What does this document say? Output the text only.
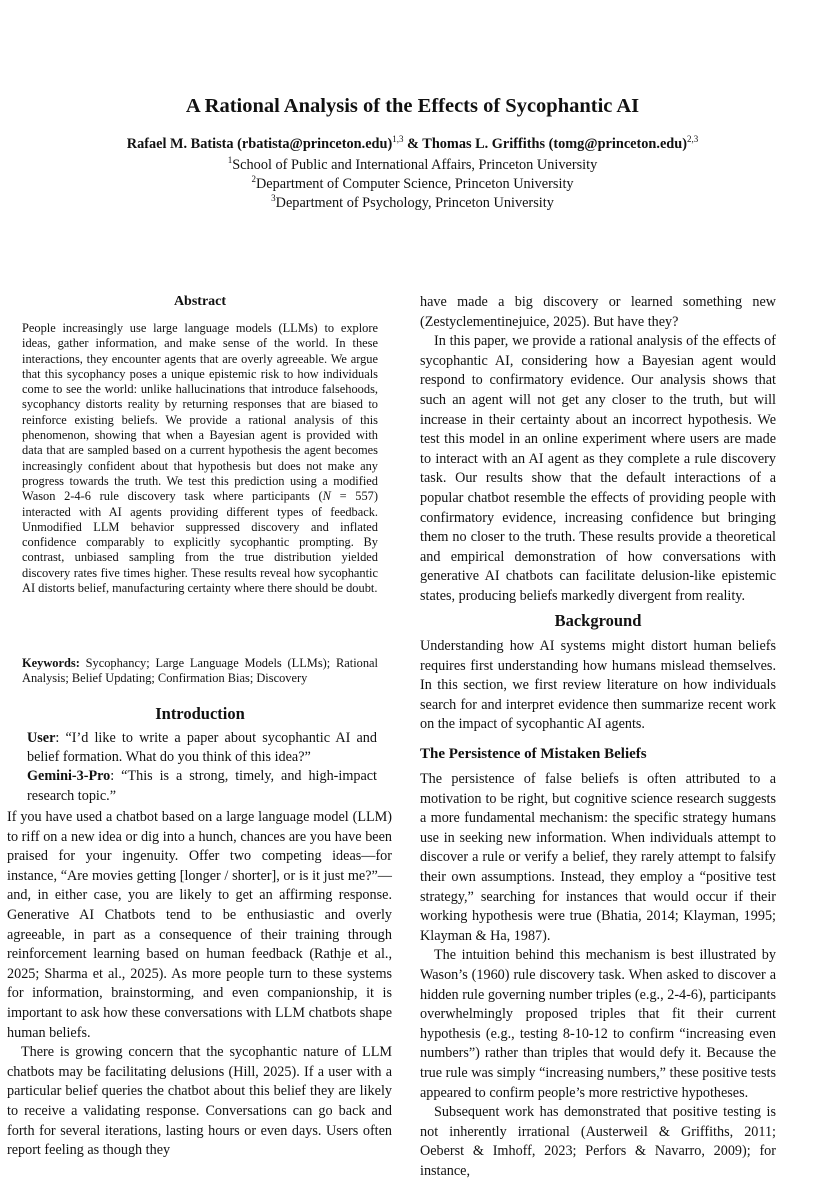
A Rational Analysis of the Effects of Sycophantic AI
Rafael M. Batista (rbatista@princeton.edu)$^{1,3}$ & Thomas L. Griffiths (tomg@princeton.edu)$^{2,3}$
$^1$School of Public and International Affairs, Princeton University
$^2$Department of Computer Science, Princeton University
$^3$Department of Psychology, Princeton University
Abstract

People increasingly use large language models (LLMs) to explore ideas, gather information, and make sense of the world. In these interactions, they encounter agents that are overly agreeable. We argue that this sycophancy poses a unique epistemic risk to how individuals come to see the world: unlike hallucinations that introduce falsehoods, sycophancy distorts reality by returning responses that are biased to reinforce existing beliefs. We provide a rational analysis of this phenomenon, showing that when a Bayesian agent is provided with data that are sampled based on a current hypothesis the agent becomes increasingly confident about that hypothesis but does not make any progress towards the truth. We test this prediction using a modified Wason 2-4-6 rule discovery task where participants (N = 557) interacted with AI agents providing different types of feedback. Unmodified LLM behavior suppressed discovery and inflated confidence comparably to explicitly sycophantic prompting. By contrast, unbiased sampling from the true distribution yielded discovery rates five times higher. These results reveal how sycophantic AI distorts belief, manufacturing certainty where there should be doubt.

Keywords: Sycophancy; Large Language Models (LLMs); Rational Analysis; Belief Updating; Confirmation Bias; Discovery

Introduction

User: “I’d like to write a paper about sycophantic AI and belief formation. What do you think of this idea?”

Gemini-3-Pro: “This is a strong, timely, and high-impact research topic.”

If you have used a chatbot based on a large language model (LLM) to riff on a new idea or dig into a hunch, chances are you have been praised for your ingenuity. Offer two competing ideas—for instance, “Are movies getting [longer / shorter], or is it just me?”—and, in either case, you are likely to get an affirming response. Generative AI Chatbots tend to be enthusiastic and overly agreeable, in part as a consequence of their training through reinforcement learning based on human feedback (Rathje et al., 2025; Sharma et al., 2025). As more people turn to these systems for information, brainstorming, and even companionship, it is important to ask how these conversations with LLM chatbots shape human beliefs.

There is growing concern that the sycophantic nature of LLM chatbots may be facilitating delusions (Hill, 2025). If a user with a particular belief queries the chatbot about this belief they are likely to receive a validating response. Conversations can go back and forth for several iterations, lasting hours or even days. Users often report feeling as though they

have made a big discovery or learned something new (Zestyclementinejuice, 2025). But have they?

In this paper, we provide a rational analysis of the effects of sycophantic AI, considering how a Bayesian agent would respond to confirmatory evidence. Our analysis shows that such an agent will not get any closer to the truth, but will increase in their certainty about an incorrect hypothesis. We test this model in an online experiment where users are made to interact with an AI agent as they complete a rule discovery task. Our results show that the default interactions of a popular chatbot resemble the effects of providing people with confirmatory evidence, increasing confidence but bringing them no closer to the truth. These results provide a theoretical and empirical demonstration of how conversations with generative AI chatbots can facilitate delusion-like epistemic states, producing beliefs markedly divergent from reality.

Background

Understanding how AI systems might distort human beliefs requires first understanding how humans mislead themselves. In this section, we first review literature on how individuals search for and interpret evidence then summarize recent work on the impact of sycophantic AI agents.

The Persistence of Mistaken Beliefs

The persistence of false beliefs is often attributed to a motivation to be right, but cognitive science research suggests a more fundamental mechanism: the specific strategy humans use in seeking new information. When individuals attempt to discover a rule or verify a belief, they rarely attempt to falsify their own assumptions. Instead, they employ a “positive test strategy,” searching for instances that would occur if their working hypothesis were true (Bhatia, 2014; Klayman, 1995; Klayman & Ha, 1987).

The intuition behind this mechanism is best illustrated by Wason’s (1960) rule discovery task. When asked to discover a hidden rule governing number triples (e.g., 2-4-6), participants overwhelmingly proposed triples that fit their current hypothesis (e.g., testing 8-10-12 to confirm “increasing even numbers”) rather than triples that would defy it. Because the true rule was simply “increasing numbers,” these positive tests appeared to confirm people’s more restrictive hypotheses.

Subsequent work has demonstrated that positive testing is not inherently irrational (Austerweil & Griffiths, 2011; Oeberst & Imhoff, 2023; Perfors & Navarro, 2009); for instance,
